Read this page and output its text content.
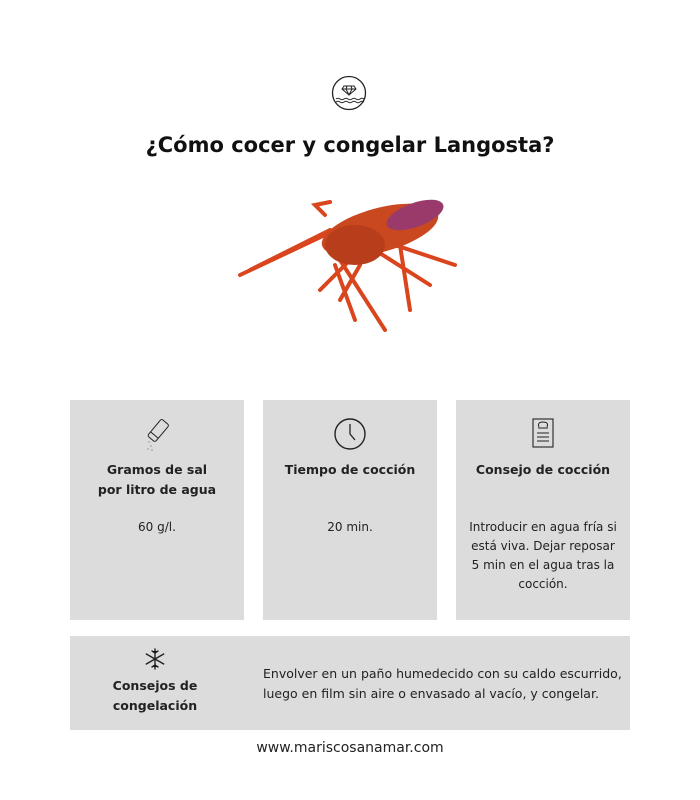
¿Cómo cocer y congelar Langosta?
Gramos de sal
por litro de agua
60 g/l.
Tiempo de cocción
20 min.
Consejo de cocción
Introducir en agua fría si está viva. Dejar reposar 5 min en el agua tras la cocción.
Consejos de
congelación
Envolver en un paño humedecido con su caldo escurrido, luego en film sin aire o envasado al vacío, y congelar.
www.mariscosanamar.com
